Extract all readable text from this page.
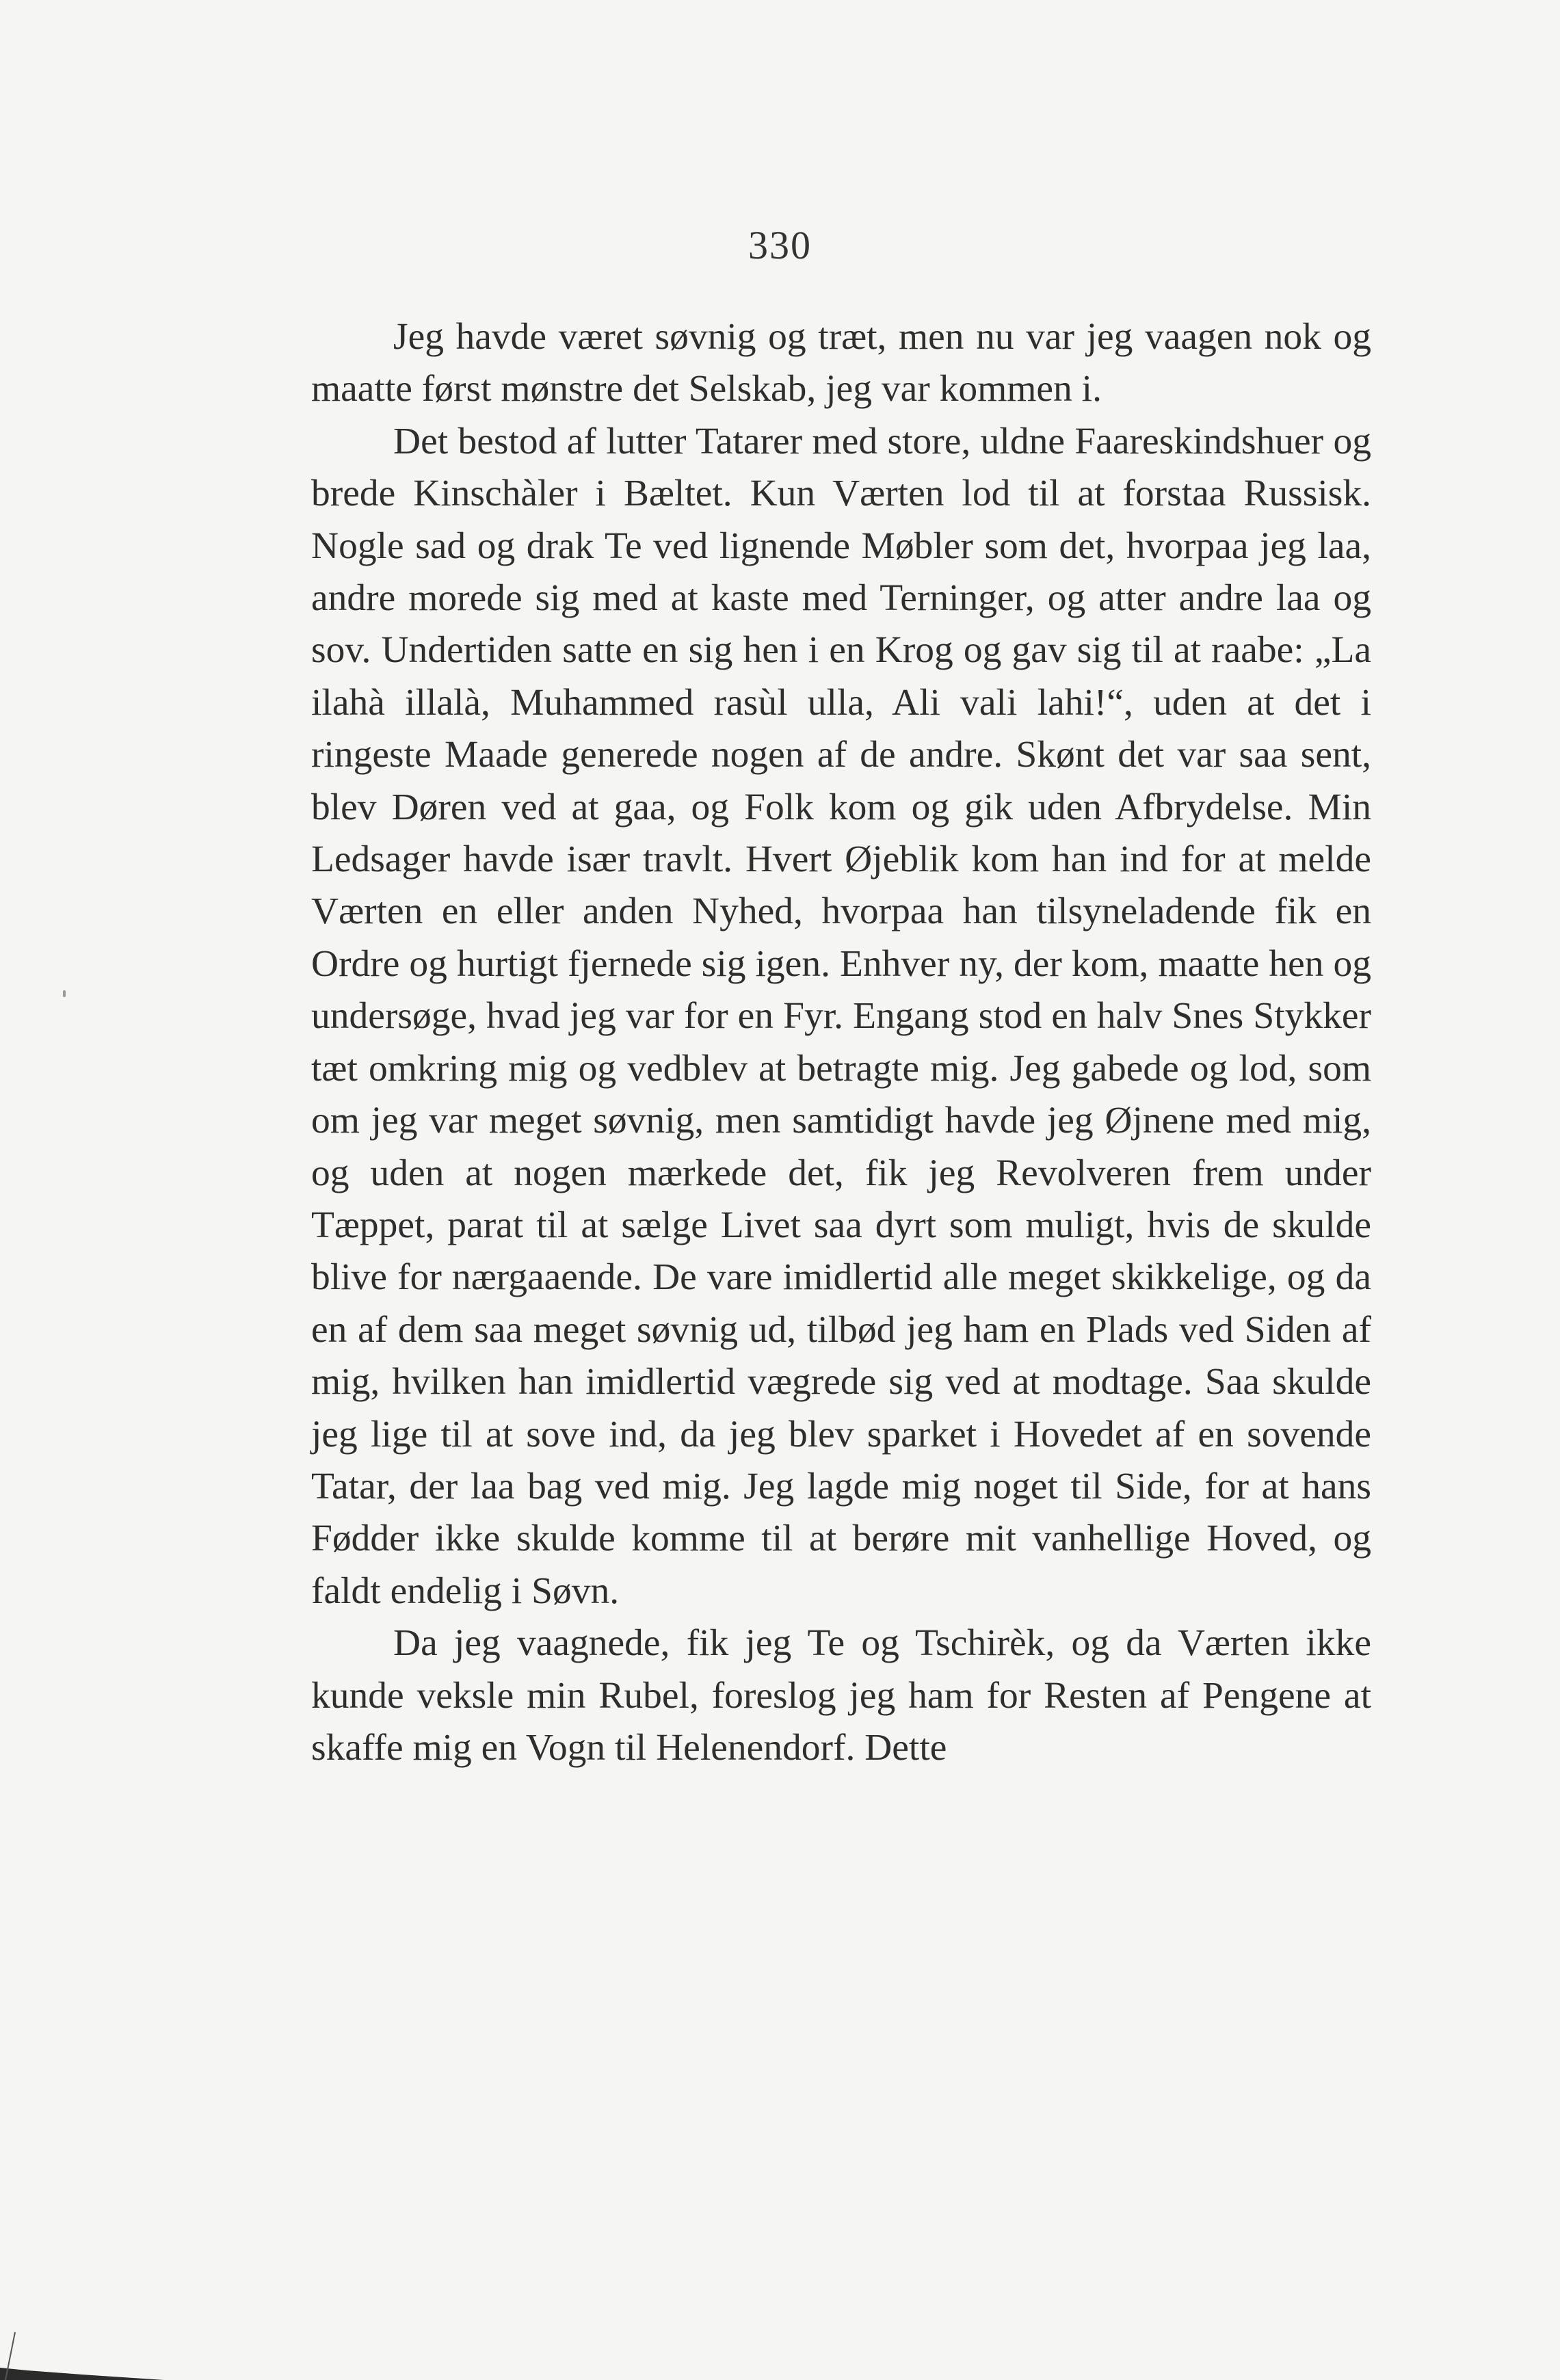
330

Jeg havde været søvnig og træt, men nu var jeg vaagen nok og maatte først mønstre det Selskab, jeg var kommen i.

Det bestod af lutter Tatarer med store, uldne Faareskindshuer og brede Kinschàler i Bæltet. Kun Værten lod til at forstaa Russisk. Nogle sad og drak Te ved lignende Møbler som det, hvorpaa jeg laa, andre morede sig med at kaste med Terninger, og atter andre laa og sov. Undertiden satte en sig hen i en Krog og gav sig til at raabe: „La ilahà illalà, Muhammed rasùl ulla, Ali vali lahi!“, uden at det i ringeste Maade generede nogen af de andre. Skønt det var saa sent, blev Døren ved at gaa, og Folk kom og gik uden Afbrydelse. Min Ledsager havde især travlt. Hvert Øjeblik kom han ind for at melde Værten en eller anden Nyhed, hvorpaa han tilsyneladende fik en Ordre og hurtigt fjernede sig igen. Enhver ny, der kom, maatte hen og undersøge, hvad jeg var for en Fyr. Engang stod en halv Snes Stykker tæt omkring mig og vedblev at betragte mig. Jeg gabede og lod, som om jeg var meget søvnig, men samtidigt havde jeg Øjnene med mig, og uden at nogen mærkede det, fik jeg Revolveren frem under Tæppet, parat til at sælge Livet saa dyrt som muligt, hvis de skulde blive for nærgaaende. De vare imidlertid alle meget skikkelige, og da en af dem saa meget søvnig ud, tilbød jeg ham en Plads ved Siden af mig, hvilken han imidlertid vægrede sig ved at modtage. Saa skulde jeg lige til at sove ind, da jeg blev sparket i Hovedet af en sovende Tatar, der laa bag ved mig. Jeg lagde mig noget til Side, for at hans Fødder ikke skulde komme til at berøre mit vanhellige Hoved, og faldt endelig i Søvn.

Da jeg vaagnede, fik jeg Te og Tschirèk, og da Værten ikke kunde veksle min Rubel, foreslog jeg ham for Resten af Pengene at skaffe mig en Vogn til Helenendorf. Dette
